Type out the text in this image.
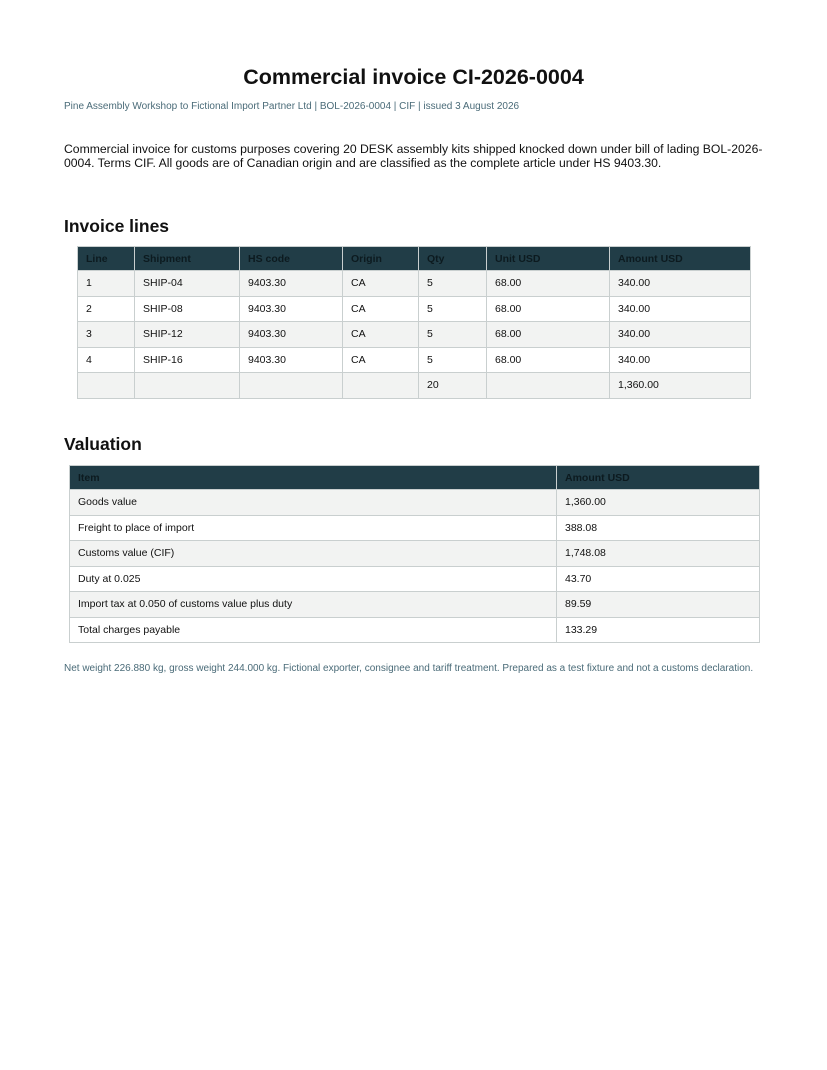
Commercial invoice CI-2026-0004

Pine Assembly Workshop to Fictional Import Partner Ltd | BOL-2026-0004 | CIF | issued 3 August 2026

Commercial invoice for customs purposes covering 20 DESK assembly kits shipped knocked down under bill of lading BOL-2026-0004. Terms CIF. All goods are of Canadian origin and are classified as the complete article under HS 9403.30.

Invoice lines
Line	Shipment	HS code	Origin	Qty	Unit USD	Amount USD
1	SHIP-04	9403.30	CA	5	68.00	340.00
2	SHIP-08	9403.30	CA	5	68.00	340.00
3	SHIP-12	9403.30	CA	5	68.00	340.00
4	SHIP-16	9403.30	CA	5	68.00	340.00
				20		1,360.00
Valuation
Item	Amount USD
Goods value	1,360.00
Freight to place of import	388.08
Customs value (CIF)	1,748.08
Duty at 0.025	43.70
Import tax at 0.050 of customs value plus duty	89.59
Total charges payable	133.29

Net weight 226.880 kg, gross weight 244.000 kg. Fictional exporter, consignee and tariff treatment. Prepared as a test fixture and not a customs declaration.
